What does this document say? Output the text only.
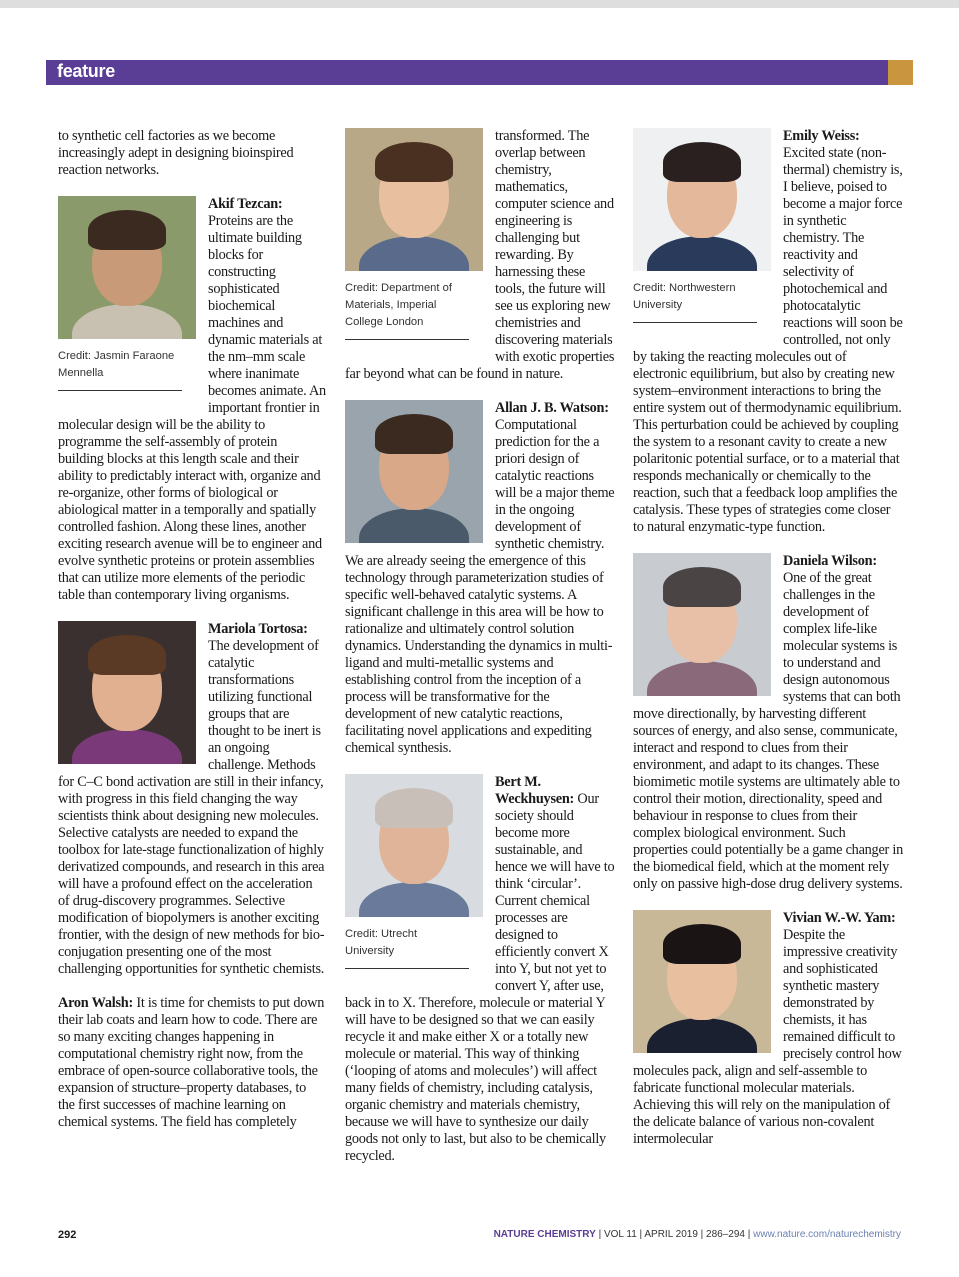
feature

to synthetic cell factories as we become increasingly adept in designing bioinspired reaction networks.

Credit: Jasmin Faraone Mennella
Akif Tezcan: Proteins are the ultimate building blocks for constructing sophisticated biochemical machines and dynamic materials at the nm–mm scale where inanimate becomes animate. An important frontier in molecular design will be the ability to programme the self-assembly of protein building blocks at this length scale and their ability to predictably interact with, organize and re-organize, other forms of biological or abiological matter in a temporally and spatially controlled fashion. Along these lines, another exciting research avenue will be to engineer and evolve synthetic proteins or protein assemblies that can utilize more elements of the periodic table than contemporary living organisms.

Mariola Tortosa: The development of catalytic transformations utilizing functional groups that are thought to be inert is an ongoing challenge. Methods for C–C bond activation are still in their infancy, with progress in this field changing the way scientists think about designing new molecules. Selective catalysts are needed to expand the toolbox for late-stage functionalization of highly derivatized compounds, and research in this area will have a profound effect on the acceleration of drug-discovery programmes. Selective modification of biopolymers is another exciting frontier, with the design of new methods for bio-conjugation presenting one of the most challenging opportunities for synthetic chemists.

Aron Walsh: It is time for chemists to put down their lab coats and learn how to code. There are so many exciting changes happening in computational chemistry right now, from the embrace of open-source collaborative tools, the expansion of structure–property databases, to the first successes of machine learning on chemical systems. The field has completely

Credit: Department of Materials, Imperial College London
transformed. The overlap between chemistry, mathematics, computer science and engineering is challenging but rewarding. By harnessing these tools, the future will see us exploring new chemistries and discovering materials with exotic properties far beyond what can be found in nature.

Allan J. B. Watson: Computational prediction for the a priori design of catalytic reactions will be a major theme in the ongoing development of synthetic chemistry. We are already seeing the emergence of this technology through parameterization studies of specific well-behaved catalytic systems. A significant challenge in this area will be how to rationalize and ultimately control solution dynamics. Understanding the dynamics in multi-ligand and multi-metallic systems and establishing control from the inception of a process will be transformative for the development of new catalytic reactions, facilitating novel applications and expediting chemical synthesis.

Credit: Utrecht University
Bert M. Weckhuysen: Our society should become more sustainable, and hence we will have to think ‘circular’. Current chemical processes are designed to efficiently convert X into Y, but not yet to convert Y, after use, back in to X. Therefore, molecule or material Y will have to be designed so that we can easily recycle it and make either X or a totally new molecule or material. This way of thinking (‘looping of atoms and molecules’) will affect many fields of chemistry, including catalysis, organic chemistry and materials chemistry, because we will have to synthesize our daily goods not only to last, but also to be chemically recycled.

Credit: Northwestern University
Emily Weiss: Excited state (non-thermal) chemistry is, I believe, poised to become a major force in synthetic chemistry. The reactivity and selectivity of photochemical and photocatalytic reactions will soon be controlled, not only by taking the reacting molecules out of electronic equilibrium, but also by creating new system–environment interactions to bring the entire system out of thermodynamic equilibrium. This perturbation could be achieved by coupling the system to a resonant cavity to create a new polaritonic potential surface, or to a material that responds mechanically or chemically to the reaction, such that a feedback loop amplifies the catalysis. These types of strategies come closer to natural enzymatic-type function.

Daniela Wilson: One of the great challenges in the development of complex life-like molecular systems is to understand and design autonomous systems that can both move directionally, by harvesting different sources of energy, and also sense, communicate, interact and respond to clues from their environment, and adapt to its changes. These biomimetic motile systems are ultimately able to control their motion, directionality, speed and behaviour in response to clues from their complex biological environment. Such properties could potentially be a game changer in the biomedical field, which at the moment rely only on passive high-dose drug delivery systems.

Vivian W.-W. Yam: Despite the impressive creativity and sophisticated synthetic mastery demonstrated by chemists, it has remained difficult to precisely control how molecules pack, align and self-assemble to fabricate functional molecular materials. Achieving this will rely on the manipulation of the delicate balance of various non-covalent intermolecular

292	NATURE CHEMISTRY | VOL 11 | APRIL 2019 | 286–294 | www.nature.com/naturechemistry
